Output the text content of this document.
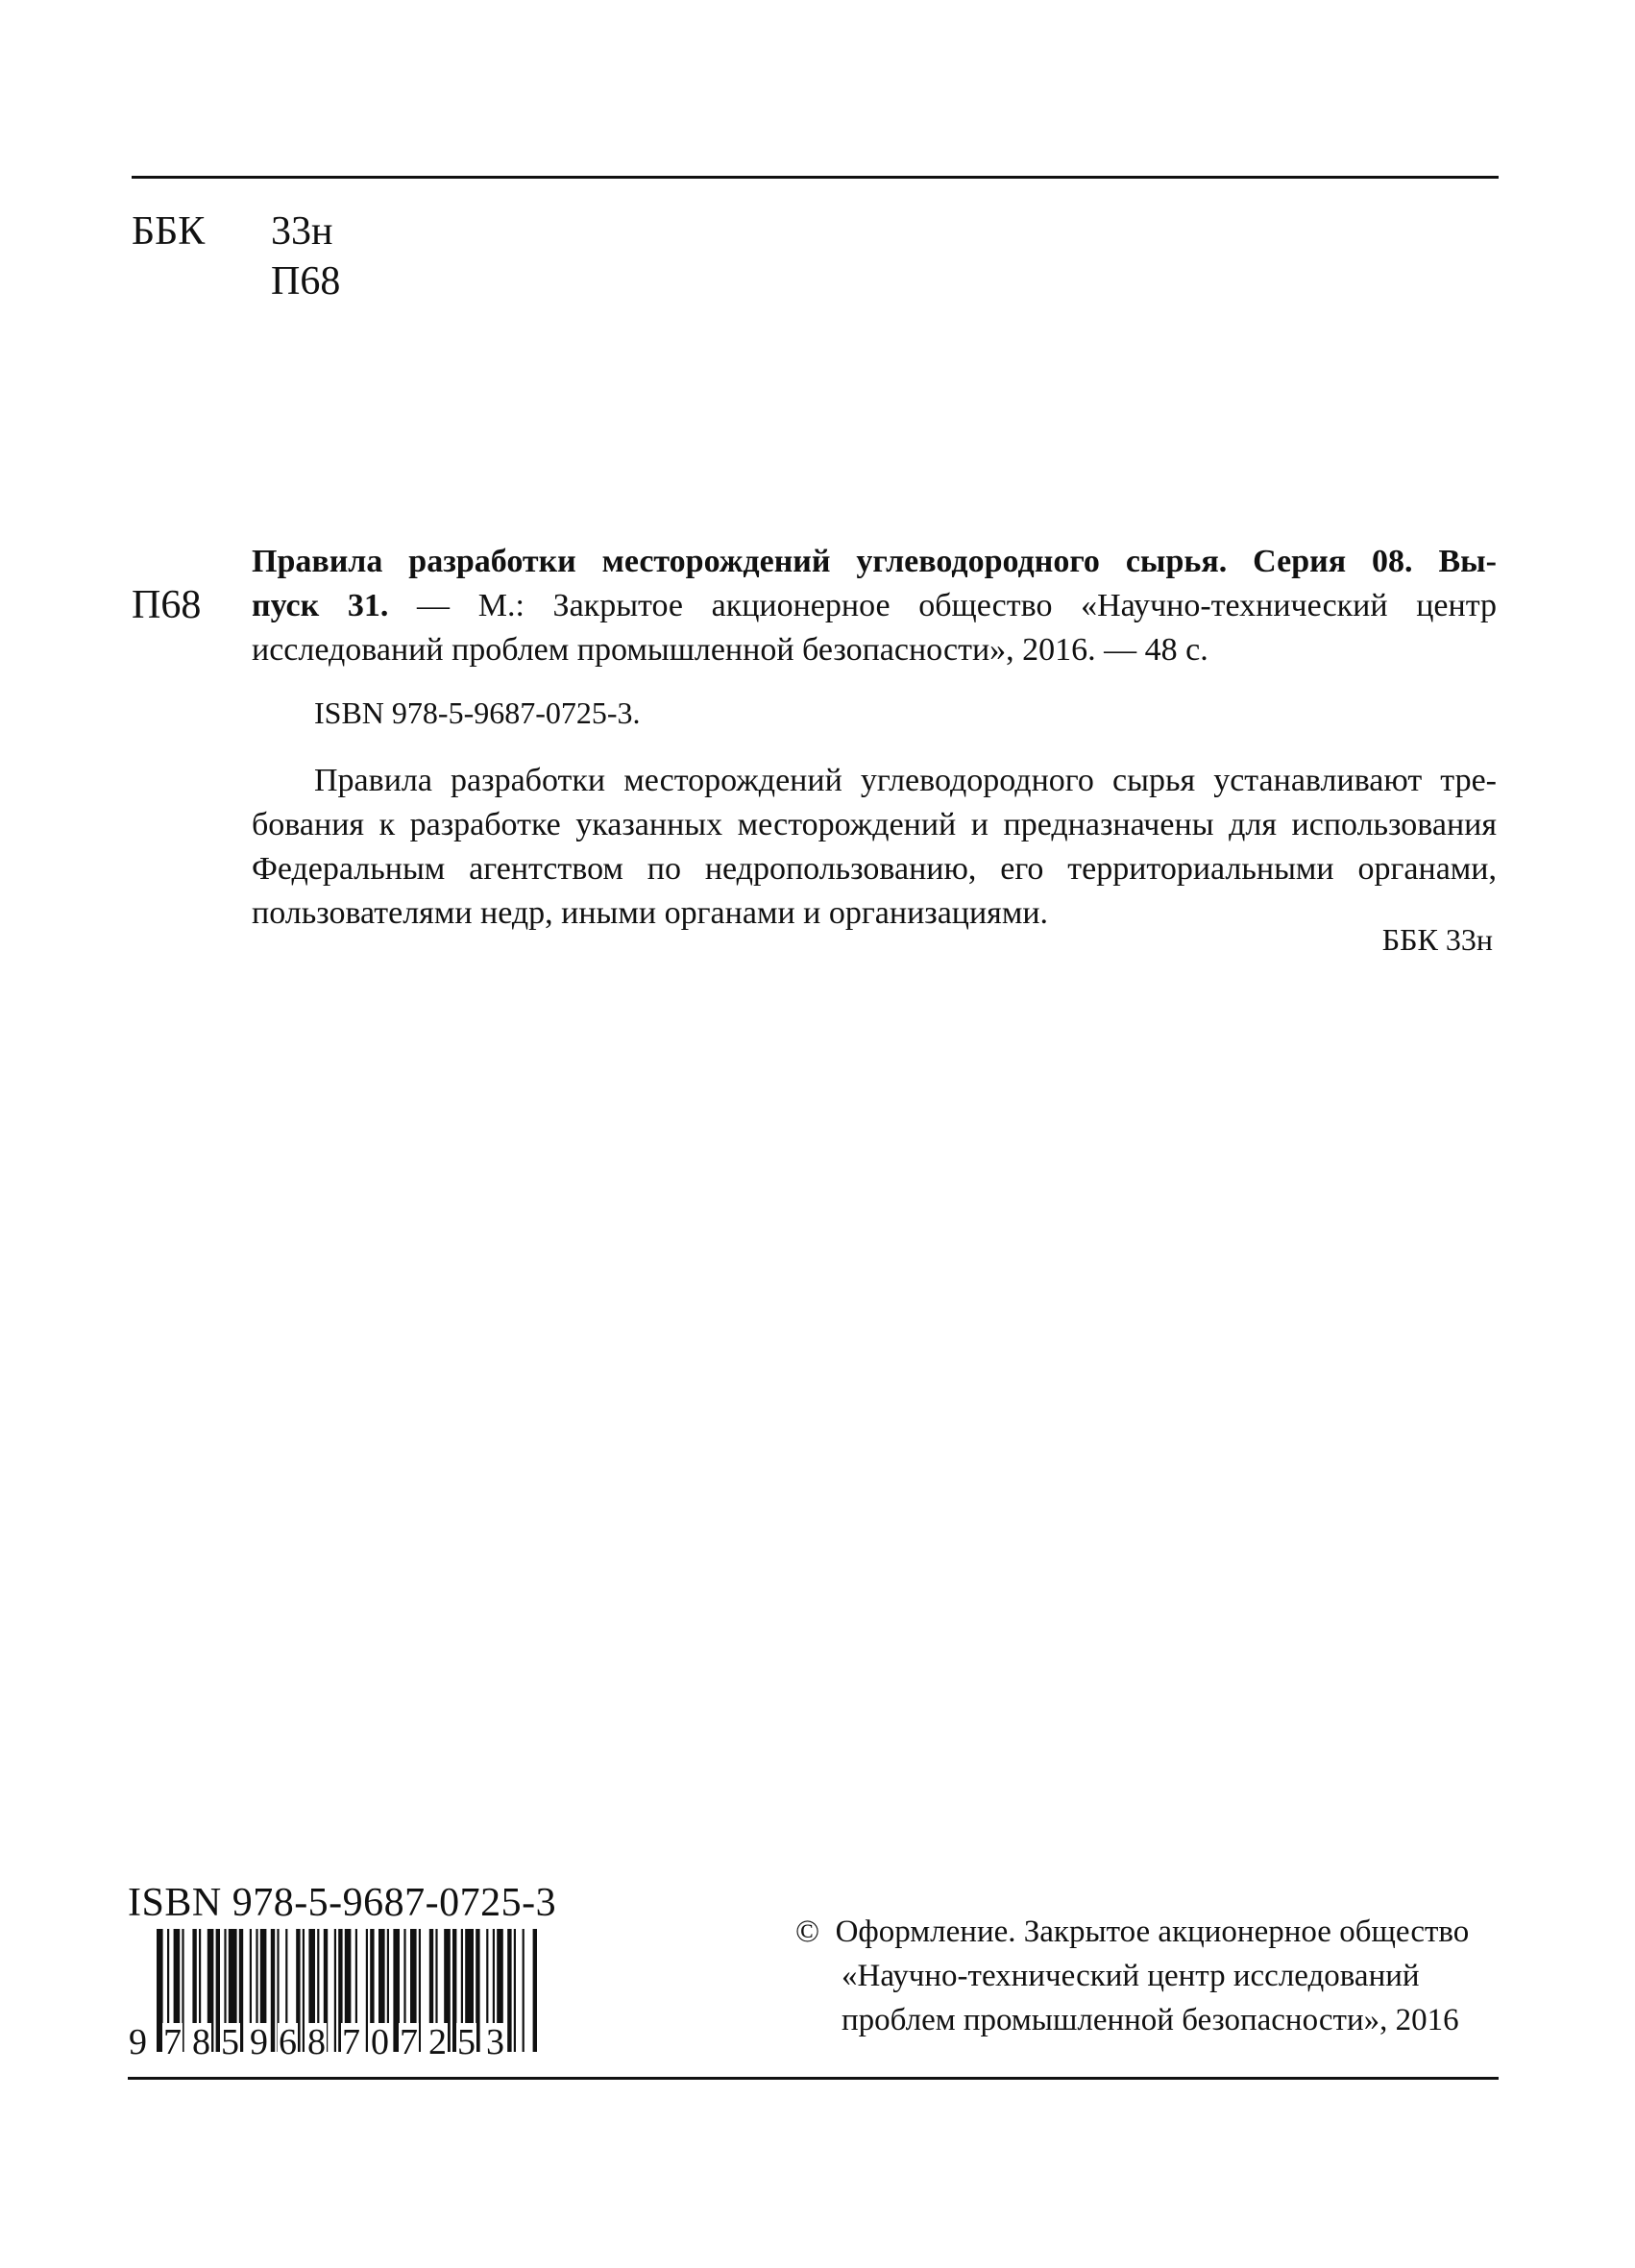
ББК 33н
П68
П68
Правила разработки месторождений углеводородного сырья. Серия 08. Вы-
пуск 31. — М.: Закрытое акционерное общество «Научно-технический центр
исследований проблем промышленной безопасности», 2016. — 48 с.
ISBN 978-5-9687-0725-3.
Правила разработки месторождений углеводородного сырья устанавливают тре-
бования к разработке указанных месторождений и предназначены для использования
Федеральным агентством по недропользованию, его территориальными органами,
пользователями недр, иными органами и организациями.
ББК 33н
ISBN 978-5-9687-0725-3
9 7 8 5 9 6 8 7 0 7 2 5 3
© Оформление. Закрытое акционерное общество
«Научно-технический центр исследований
проблем промышленной безопасности», 2016
